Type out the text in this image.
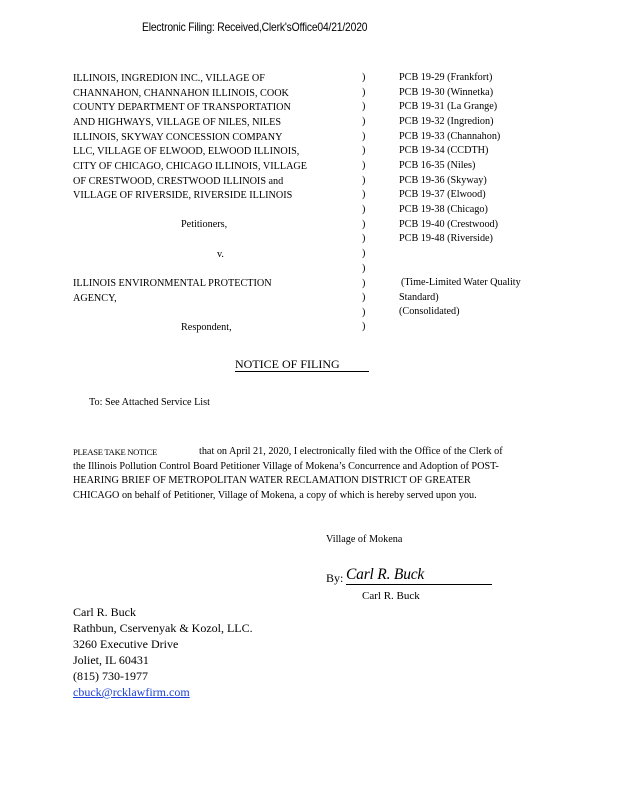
Electronic Filing: Received,Clerk'sOffice04/21/2020
ILLINOIS, INGREDION INC., VILLAGE OF
CHANNAHON, CHANNAHON ILLINOIS, COOK
COUNTY DEPARTMENT OF TRANSPORTATION
AND HIGHWAYS, VILLAGE OF NILES, NILES
ILLINOIS, SKYWAY CONCESSION COMPANY
LLC, VILLAGE OF ELWOOD, ELWOOD ILLINOIS,
CITY OF CHICAGO, CHICAGO ILLINOIS, VILLAGE
OF CRESTWOOD, CRESTWOOD ILLINOIS and
VILLAGE OF RIVERSIDE, RIVERSIDE ILLINOIS
Petitioners,
v.
ILLINOIS ENVIRONMENTAL PROTECTION
AGENCY,
Respondent,
)
)
)
)
)
)
)
)
)
)
)
)
)
)
)
)
)
)
PCB 19-29 (Frankfort)
PCB 19-30 (Winnetka)
PCB 19-31 (La Grange)
PCB 19-32 (Ingredion)
PCB 19-33 (Channahon)
PCB 19-34 (CCDTH)
PCB 16-35 (Niles)
PCB 19-36 (Skyway)
PCB 19-37 (Elwood)
PCB 19-38 (Chicago)
PCB 19-40 (Crestwood)
PCB 19-48 (Riverside)
(Time-Limited Water Quality
Standard)
(Consolidated)
NOTICE OF FILING
To: See Attached Service List
PLEASE TAKE NOTICE	that on April 21, 2020, I electronically filed with the Office of the Clerk of
the Illinois Pollution Control Board Petitioner Village of Mokena’s Concurrence and Adoption of POST-
HEARING BRIEF OF METROPOLITAN WATER RECLAMATION DISTRICT OF GREATER
CHICAGO on behalf of Petitioner, Village of Mokena, a copy of which is hereby served upon you.
Village of Mokena
By: Carl R. Buck
Carl R. Buck
Carl R. Buck
Rathbun, Cservenyak & Kozol, LLC.
3260 Executive Drive
Joliet, IL 60431
(815) 730-1977
cbuck@rcklawfirm.com
